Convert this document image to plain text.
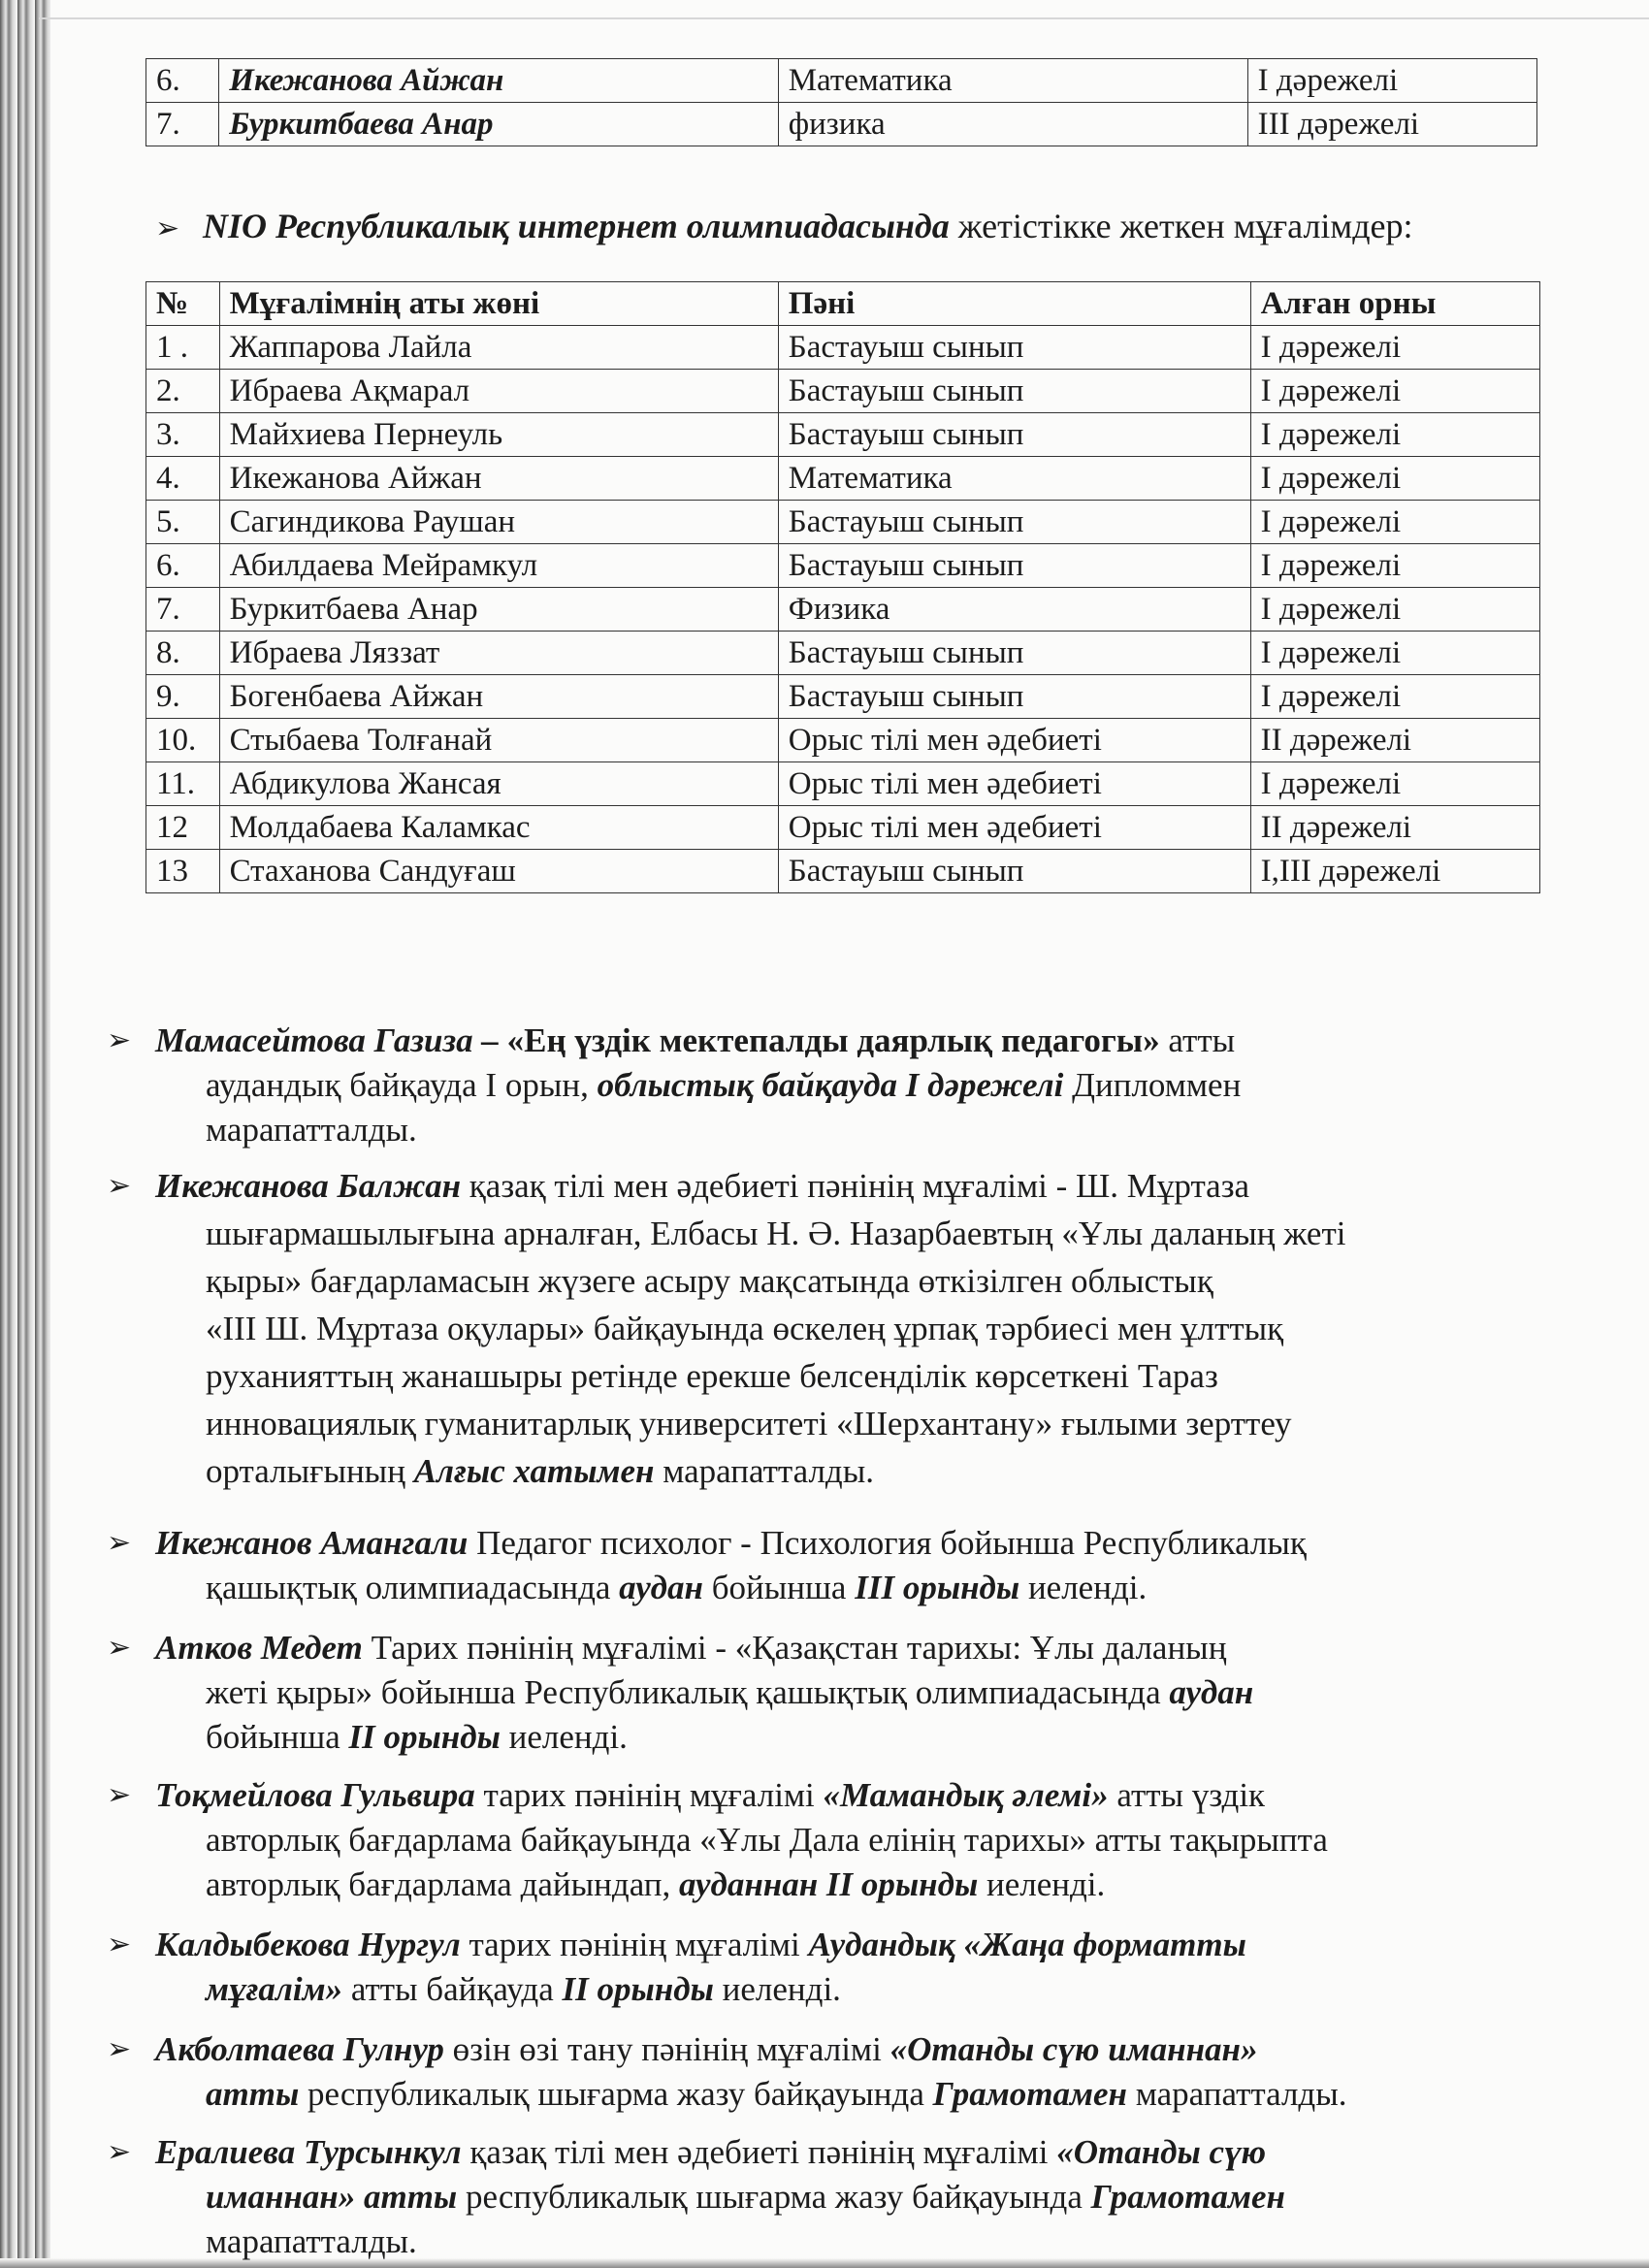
6.	Икежанова Айжан	Математика	I дәрежелі
7.	Буркитбаева Анар	физика	III дәрежелі
➢ NIO Республикалық интернет олимпиадасында жетістікке жеткен мұғалімдер:
№	Мұғалімнің аты жөні	Пәні	Алған орны
1 .	Жаппарова Лайла	Бастауыш сынып	I дәрежелі
2.	Ибраева Ақмарал	Бастауыш сынып	I дәрежелі
3.	Майхиева Пернеуль	Бастауыш сынып	I дәрежелі
4.	Икежанова Айжан	Математика	I дәрежелі
5.	Сагиндикова Раушан	Бастауыш сынып	I дәрежелі
6.	Абилдаева Мейрамкул	Бастауыш сынып	I дәрежелі
7.	Буркитбаева Анар	Физика	I дәрежелі
8.	Ибраева Ляззат	Бастауыш сынып	I дәрежелі
9.	Богенбаева Айжан	Бастауыш сынып	I дәрежелі
10.	Стыбаева Толғанай	Орыс тілі мен әдебиеті	II дәрежелі
11.	Абдикулова Жансая	Орыс тілі мен әдебиеті	I дәрежелі
12	Молдабаева Каламкас	Орыс тілі мен әдебиеті	II дәрежелі
13	Стаханова Сандуғаш	Бастауыш сынып	I,III дәрежелі
➢ Мамасейтова Газиза – «Ең үздік мектепалды даярлық педагогы» атты
аудандық байқауда I орын, облыстық байқауда I дәрежелі Дипломмен
марапатталды.
➢ Икежанова Балжан қазақ тілі мен әдебиеті пәнінің мұғалімі - Ш. Мұртаза
шығармашылығына арналған, Елбасы Н. Ә. Назарбаевтың «Ұлы даланың жеті
қыры» бағдарламасын жүзеге асыру мақсатында өткізілген облыстық
«III Ш. Мұртаза оқулары» байқауында өскелең ұрпақ тәрбиесі мен ұлттық
руханияттың жанашыры ретінде ерекше белсенділік көрсеткені Тараз
инновациялық гуманитарлық университеті «Шерхантану» ғылыми зерттеу
орталығының Алғыс хатымен марапатталды.
➢ Икежанов Амангали Педагог психолог - Психология бойынша Республикалық
қашықтық олимпиадасында аудан бойынша III орынды иеленді.
➢ Атков Медет Тарих пәнінің мұғалімі - «Қазақстан тарихы: Ұлы даланың
жеті қыры» бойынша Республикалық қашықтық олимпиадасында аудан
бойынша II орынды иеленді.
➢ Тоқмейлова Гульвира тарих пәнінің мұғалімі «Мамандық әлемі» атты үздік
авторлық бағдарлама байқауында «Ұлы Дала елінің тарихы» атты тақырыпта
авторлық бағдарлама дайындап, ауданнан II орынды иеленді.
➢ Калдыбекова Нургул тарих пәнінің мұғалімі Аудандық «Жаңа форматты
мұғалім» атты байқауда II орынды иеленді.
➢ Акболтаева Гулнур өзін өзі тану пәнінің мұғалімі «Отанды сүю иманнан»
атты республикалық шығарма жазу байқауында Грамотамен марапатталды.
➢ Ералиева Турсынкул қазақ тілі мен әдебиеті пәнінің мұғалімі «Отанды сүю
иманнан» атты республикалық шығарма жазу байқауында Грамотамен
марапатталды.
